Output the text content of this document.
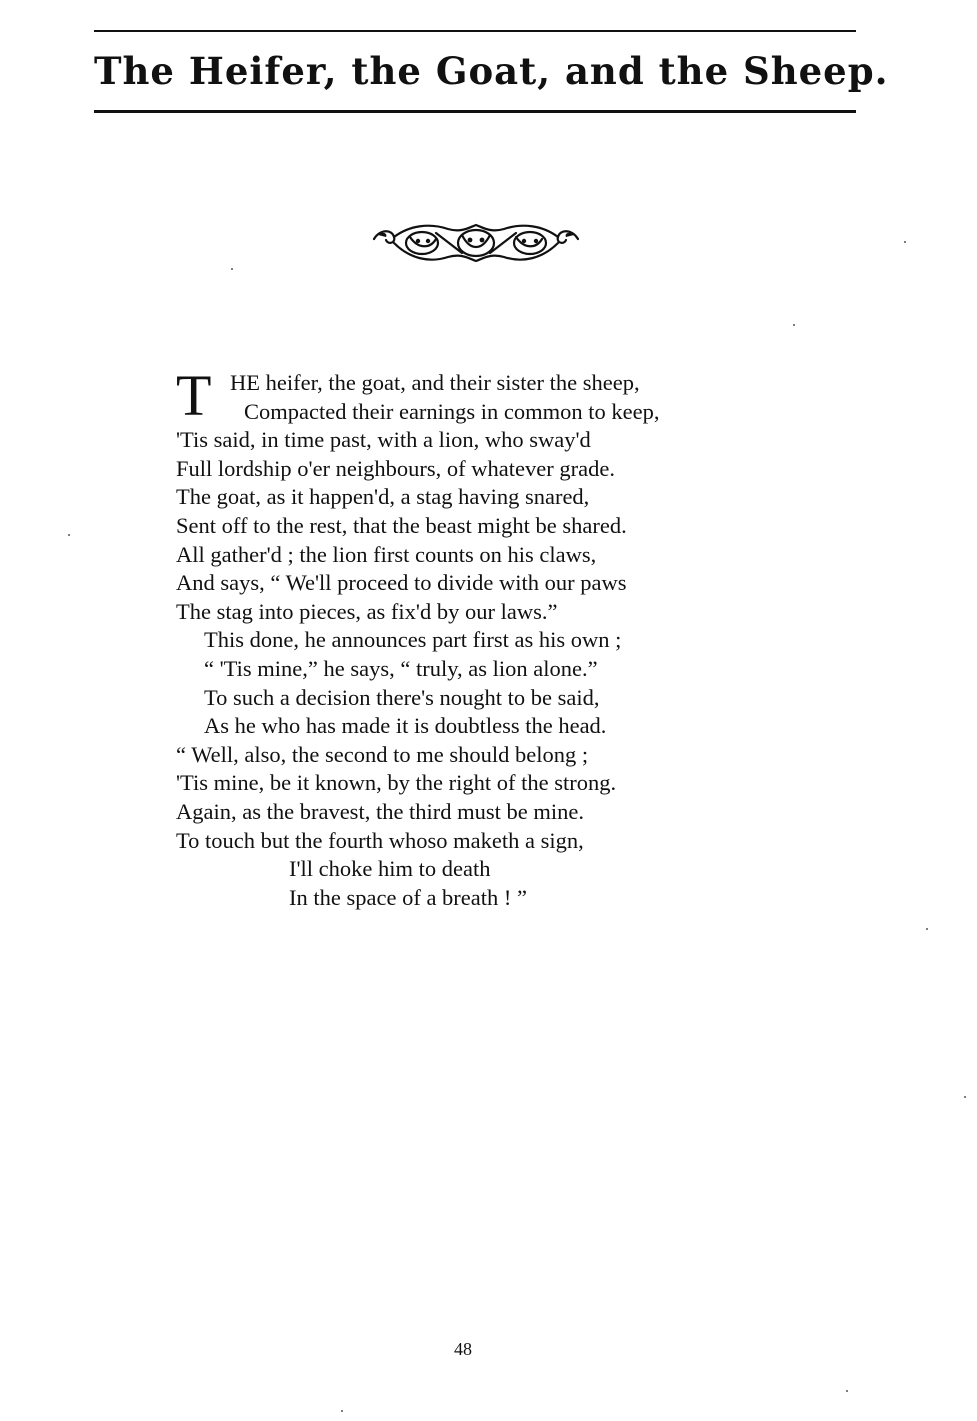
The Heifer, the Goat, and the Sheep.
T HE heifer, the goat, and their sister the sheep,
Compacted their earnings in common to keep,
'Tis said, in time past, with a lion, who sway'd
Full lordship o'er neighbours, of whatever grade.
The goat, as it happen'd, a stag having snared,
Sent off to the rest, that the beast might be shared.
All gather'd ; the lion first counts on his claws,
And says, “ We'll proceed to divide with our paws
The stag into pieces, as fix'd by our laws.”
This done, he announces part first as his own ;
“ 'Tis mine,” he says, “ truly, as lion alone.”
To such a decision there's nought to be said,
As he who has made it is doubtless the head.
“ Well, also, the second to me should belong ;
'Tis mine, be it known, by the right of the strong.
Again, as the bravest, the third must be mine.
To touch but the fourth whoso maketh a sign,
I'll choke him to death
In the space of a breath ! ”
48
